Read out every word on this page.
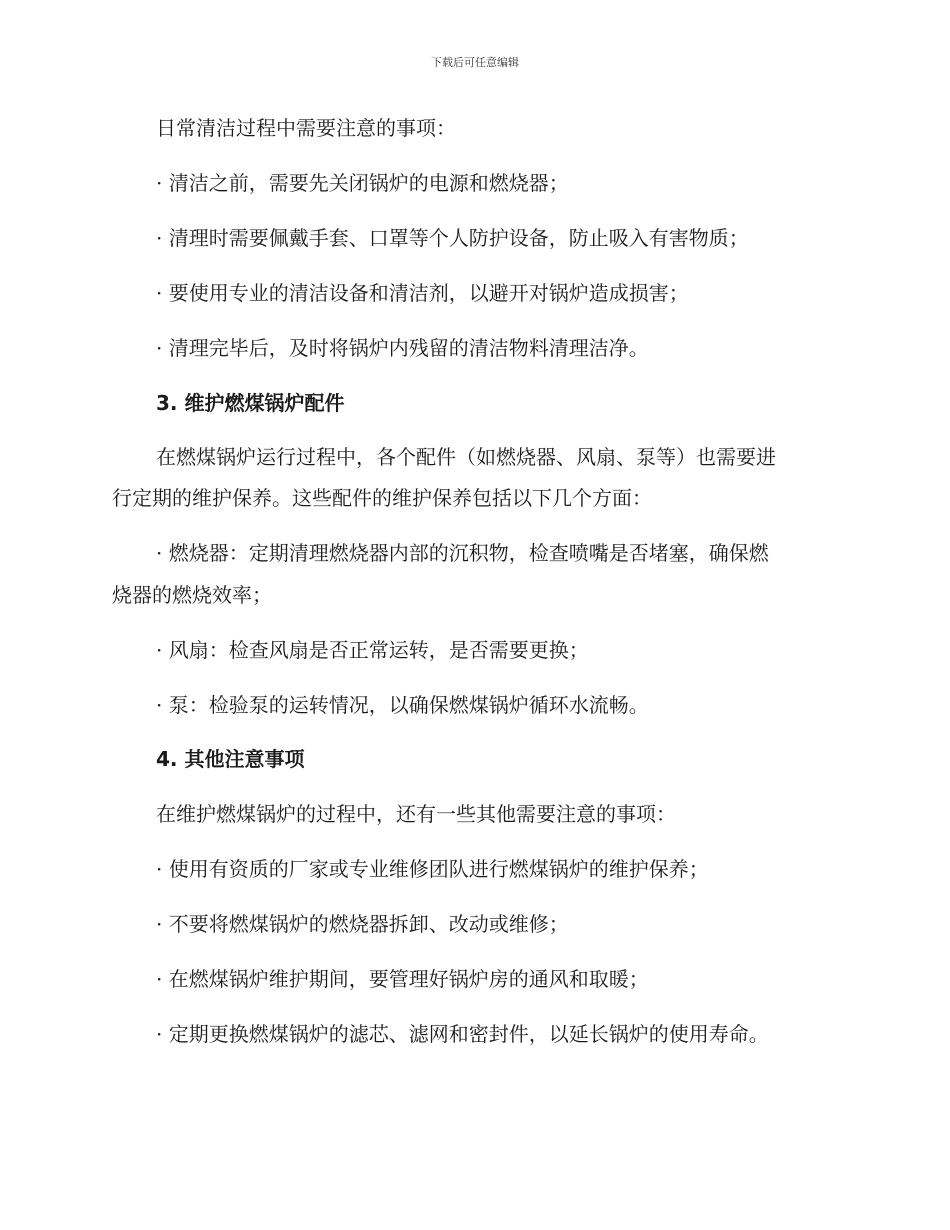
下载后可任意编辑
日常清洁过程中需要注意的事项：
· 清洁之前，需要先关闭锅炉的电源和燃烧器；
· 清理时需要佩戴手套、口罩等个人防护设备，防止吸入有害物质；
· 要使用专业的清洁设备和清洁剂，以避开对锅炉造成损害；
· 清理完毕后，及时将锅炉内残留的清洁物料清理洁净。
3. 维护燃煤锅炉配件
在燃煤锅炉运行过程中，各个配件（如燃烧器、风扇、泵等）也需要进
行定期的维护保养。这些配件的维护保养包括以下几个方面：
· 燃烧器：定期清理燃烧器内部的沉积物，检查喷嘴是否堵塞，确保燃
烧器的燃烧效率；
· 风扇：检查风扇是否正常运转，是否需要更换；
· 泵：检验泵的运转情况，以确保燃煤锅炉循环水流畅。
4. 其他注意事项
在维护燃煤锅炉的过程中，还有一些其他需要注意的事项：
· 使用有资质的厂家或专业维修团队进行燃煤锅炉的维护保养；
· 不要将燃煤锅炉的燃烧器拆卸、改动或维修；
· 在燃煤锅炉维护期间，要管理好锅炉房的通风和取暖；
· 定期更换燃煤锅炉的滤芯、滤网和密封件，以延长锅炉的使用寿命。
